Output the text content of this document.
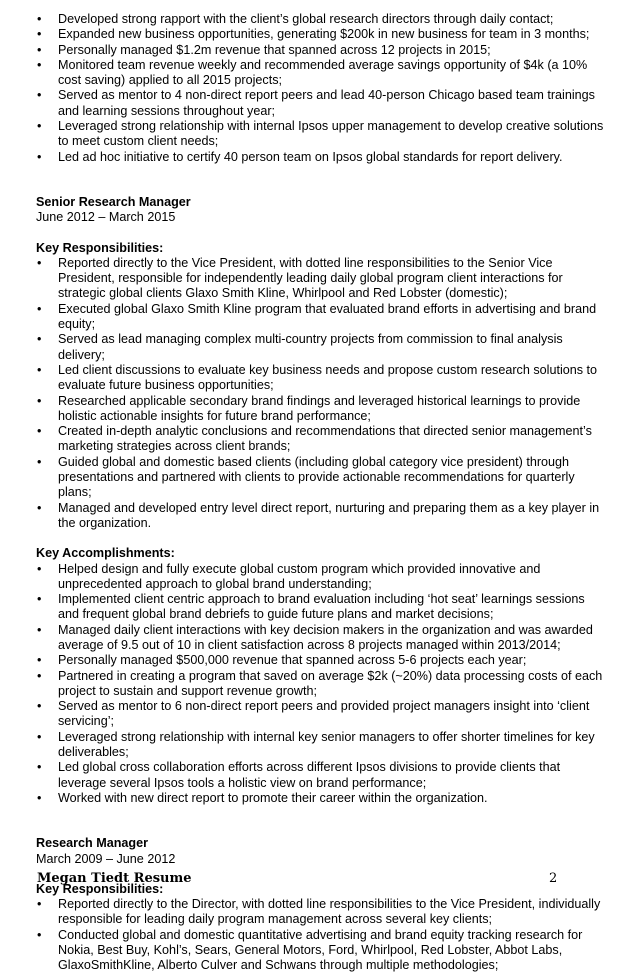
• Developed strong rapport with the client’s global research directors through daily contact;
• Expanded new business opportunities, generating $200k in new business for team in 3 months;
• Personally managed $1.2m revenue that spanned across 12 projects in 2015;
• Monitored team revenue weekly and recommended average savings opportunity of $4k (a 10% cost saving) applied to all 2015 projects;
• Served as mentor to 4 non-direct report peers and lead 40-person Chicago based team trainings and learning sessions throughout year;
• Leveraged strong relationship with internal Ipsos upper management to develop creative solutions to meet custom client needs;
• Led ad hoc initiative to certify 40 person team on Ipsos global standards for report delivery.
Senior Research Manager
June 2012 – March 2015
Key Responsibilities:
• Reported directly to the Vice President, with dotted line responsibilities to the Senior Vice President, responsible for independently leading daily global program client interactions for strategic global clients Glaxo Smith Kline, Whirlpool and Red Lobster (domestic);
• Executed global Glaxo Smith Kline program that evaluated brand efforts in advertising and brand equity;
• Served as lead managing complex multi-country projects from commission to final analysis delivery;
• Led client discussions to evaluate key business needs and propose custom research solutions to evaluate future business opportunities;
• Researched applicable secondary brand findings and leveraged historical learnings to provide holistic actionable insights for future brand performance;
• Created in-depth analytic conclusions and recommendations that directed senior management’s marketing strategies across client brands;
• Guided global and domestic based clients (including global category vice president) through presentations and partnered with clients to provide actionable recommendations for quarterly plans;
• Managed and developed entry level direct report, nurturing and preparing them as a key player in the organization.
Key Accomplishments:
• Helped design and fully execute global custom program which provided innovative and unprecedented approach to global brand understanding;
• Implemented client centric approach to brand evaluation including ‘hot seat’ learnings sessions and frequent global brand debriefs to guide future plans and market decisions;
• Managed daily client interactions with key decision makers in the organization and was awarded average of 9.5 out of 10 in client satisfaction across 8 projects managed within 2013/2014;
• Personally managed $500,000 revenue that spanned across 5-6 projects each year;
• Partnered in creating a program that saved on average $2k (~20%) data processing costs of each project to sustain and support revenue growth;
• Served as mentor to 6 non-direct report peers and provided project managers insight into ‘client servicing’;
• Leveraged strong relationship with internal key senior managers to offer shorter timelines for key deliverables;
• Led global cross collaboration efforts across different Ipsos divisions to provide clients that leverage several Ipsos tools a holistic view on brand performance;
• Worked with new direct report to promote their career within the organization.
Research Manager
March 2009 – June 2012
Key Responsibilities:
• Reported directly to the Director, with dotted line responsibilities to the Vice President, individually responsible for leading daily program management across several key clients;
• Conducted global and domestic quantitative advertising and brand equity tracking research for Nokia, Best Buy, Kohl’s, Sears, General Motors, Ford, Whirlpool, Red Lobster, Abbot Labs, GlaxoSmithKline, Alberto Culver and Schwans through multiple methodologies;
Megan Tiedt Resume	2
